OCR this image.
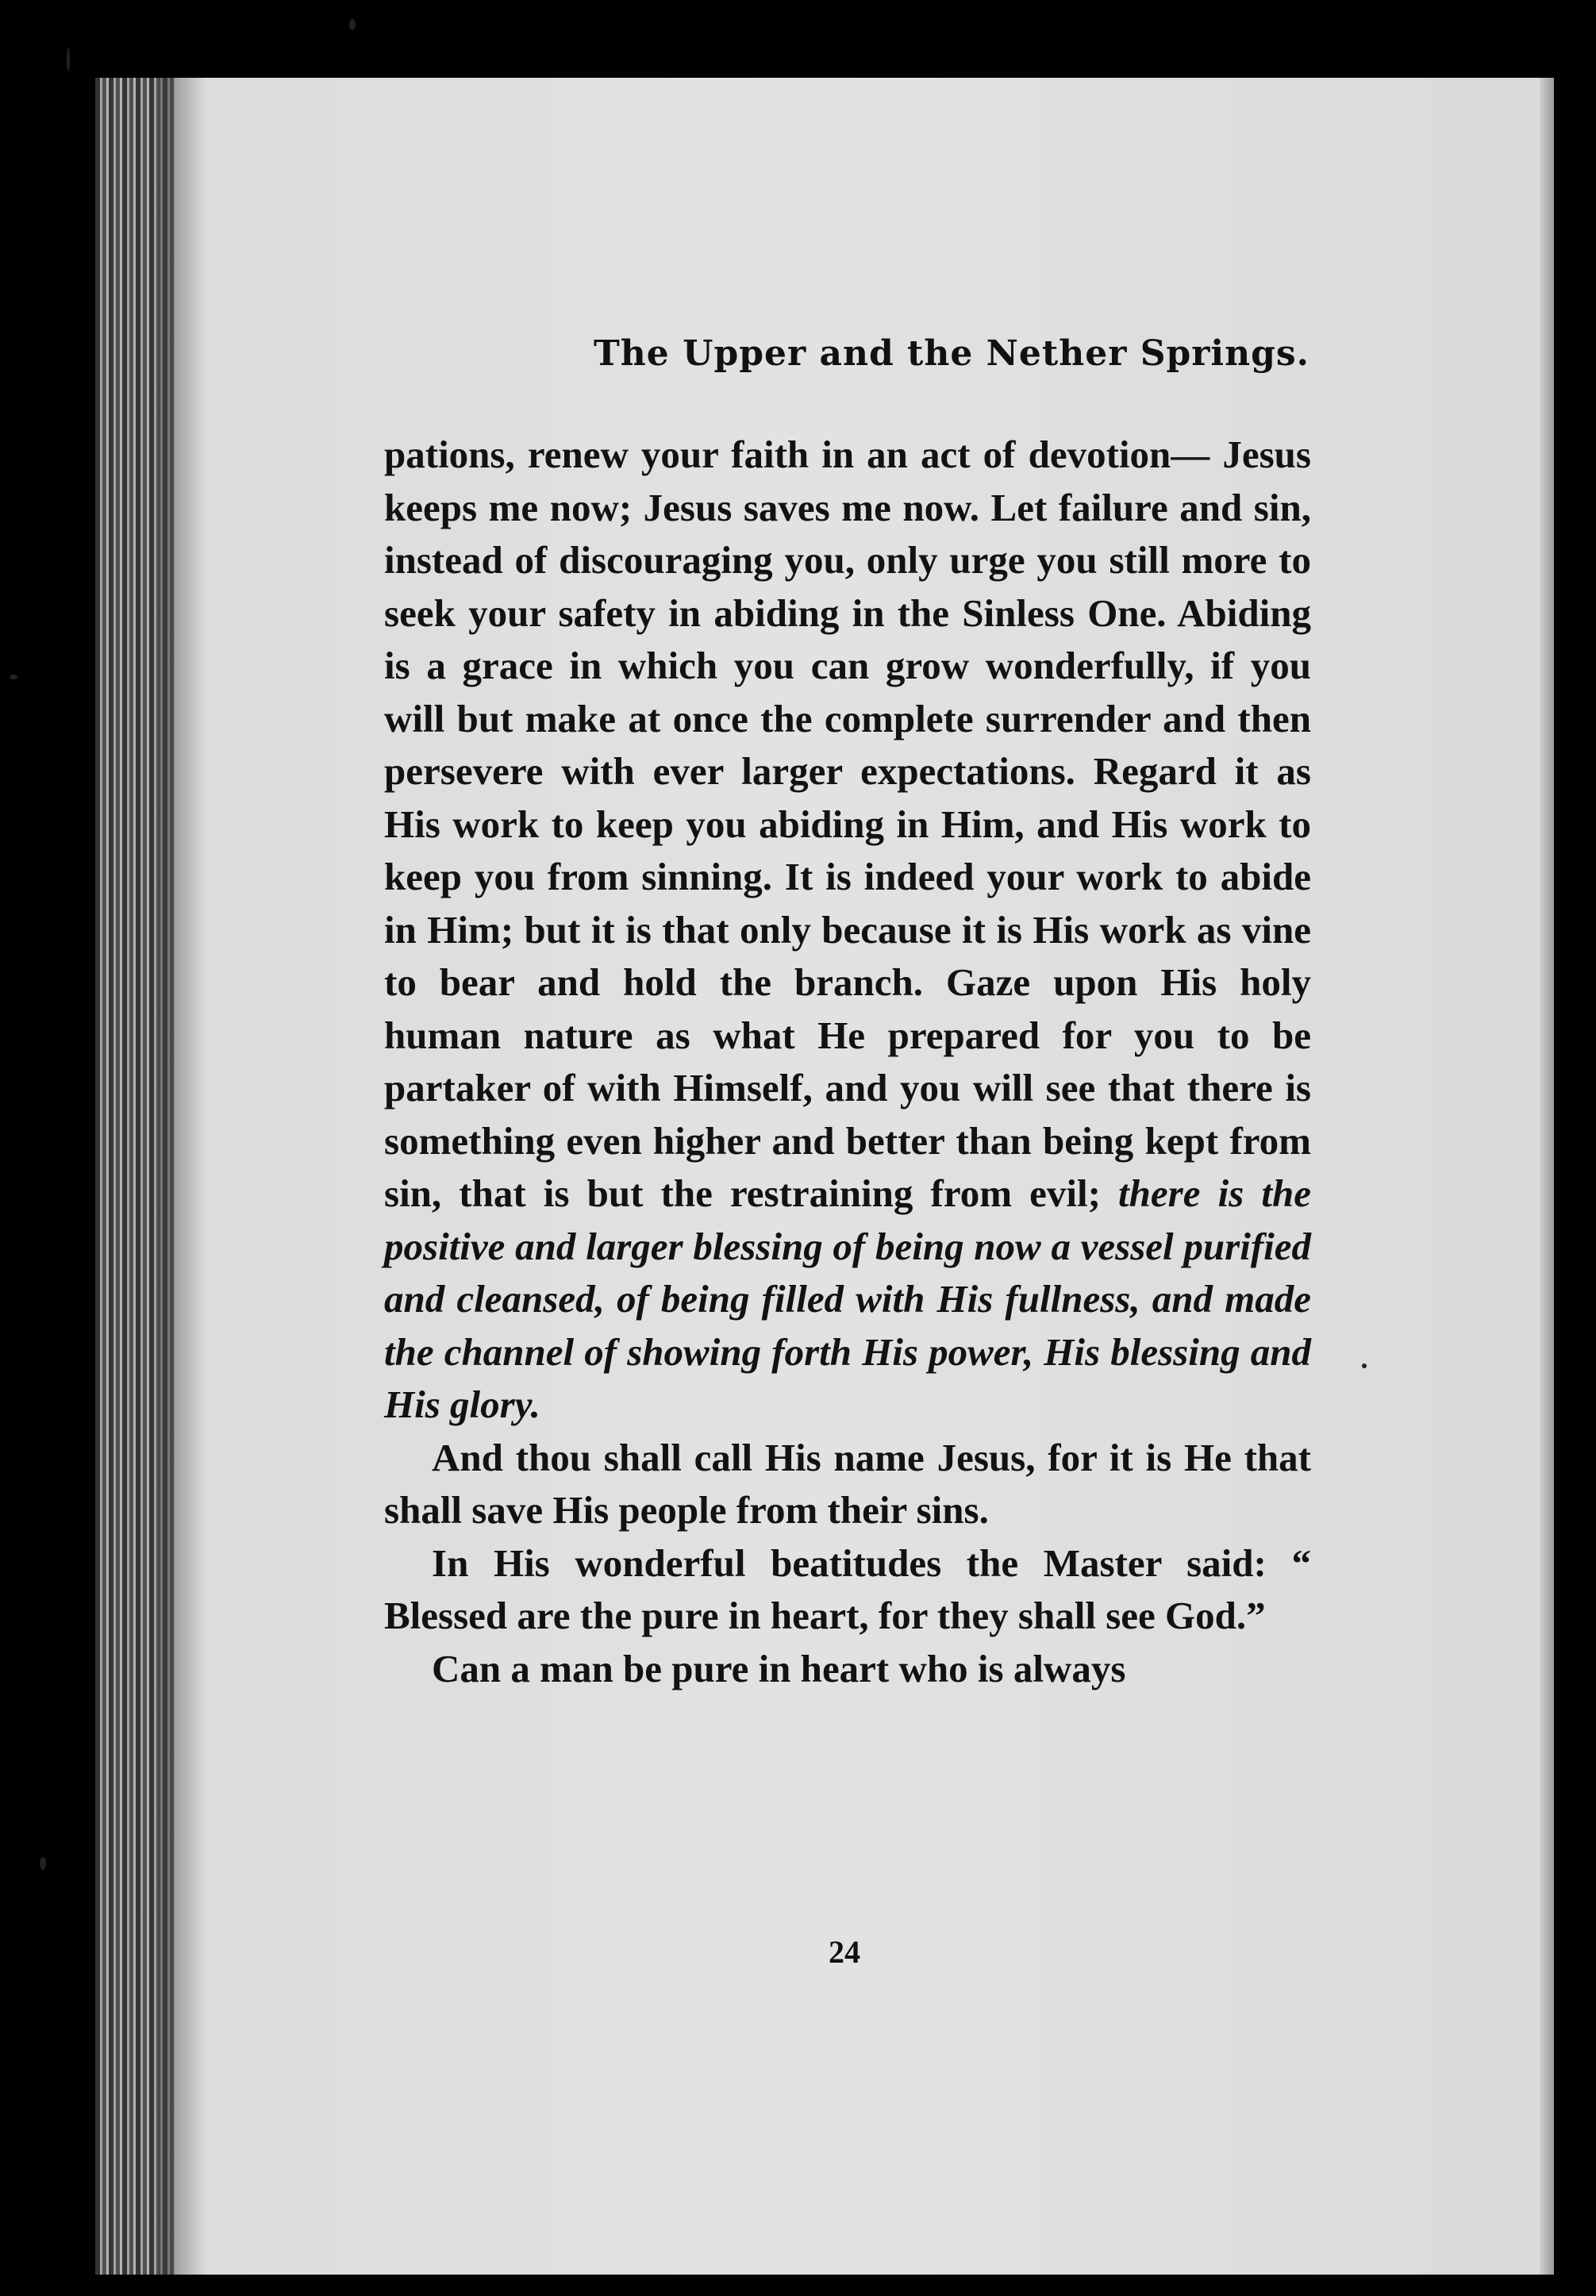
The Upper and the Nether Springs.

pations, renew your faith in an act of devotion— Jesus keeps me now; Jesus saves me now. Let failure and sin, instead of discouraging you, only urge you still more to seek your safety in abiding in the Sinless One. Abiding is a grace in which you can grow wonderfully, if you will but make at once the complete surrender and then persevere with ever larger expectations. Regard it as His work to keep you abiding in Him, and His work to keep you from sinning. It is indeed your work to abide in Him; but it is that only because it is His work as vine to bear and hold the branch. Gaze upon His holy human nature as what He prepared for you to be partaker of with Himself, and you will see that there is something even higher and better than being kept from sin, that is but the restraining from evil; there is the positive and larger blessing of being now a vessel purified and cleansed, of being filled with His fullness, and made the channel of showing forth His power, His blessing and His glory.

And thou shall call His name Jesus, for it is He that shall save His people from their sins.

In His wonderful beatitudes the Master said: “ Blessed are the pure in heart, for they shall see God.”

Can a man be pure in heart who is always

24
